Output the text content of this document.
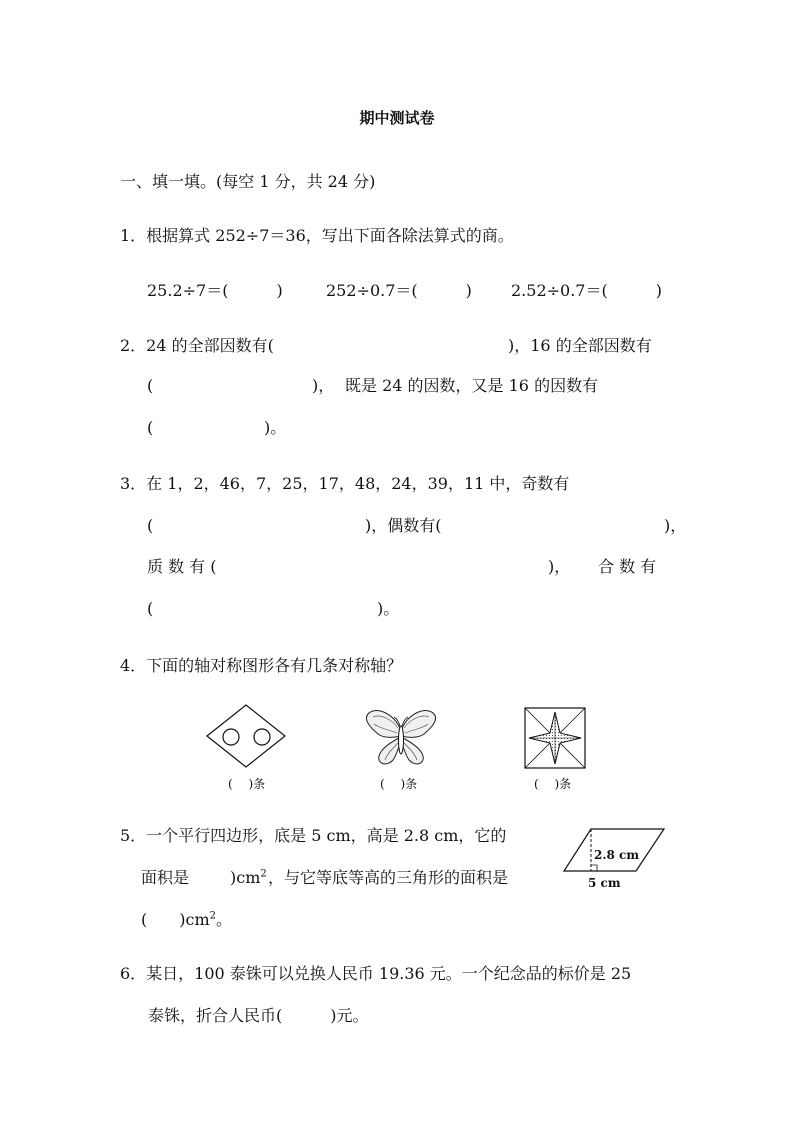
期中测试卷
一、填一填。(每空 1 分，共 24 分)
1．根据算式 252÷7＝36，写出下面各除法算式的商。
25.2÷7＝(　　　)	252÷0.7＝(　　　) 2.52÷0.7＝(　　　)
2．24 的全部因数有(	)，16 的全部因数有
(	)， 既是 24 的因数，又是 16 的因数有
(	)。
3．在 1，2，46，7，25，17，48，24，39，11 中，奇数有
(	)，偶数有(	)，
质 数 有 (	)， 合 数 有
(	)。
4．下面的轴对称图形各有几条对称轴？
(　 )条	(　 )条	(　 )条
5．一个平行四边形，底是 5 cm，高是 2.8 cm，它的
面积是	)$cm^2$ ，与它等底等高的三角形的面积是
(　　)$cm^2$。
2.8 cm
5 cm
6．某日，100 泰铢可以兑换人民币 19.36 元。一个纪念品的标价是 25
泰铢，折合人民币(　　　)元。
